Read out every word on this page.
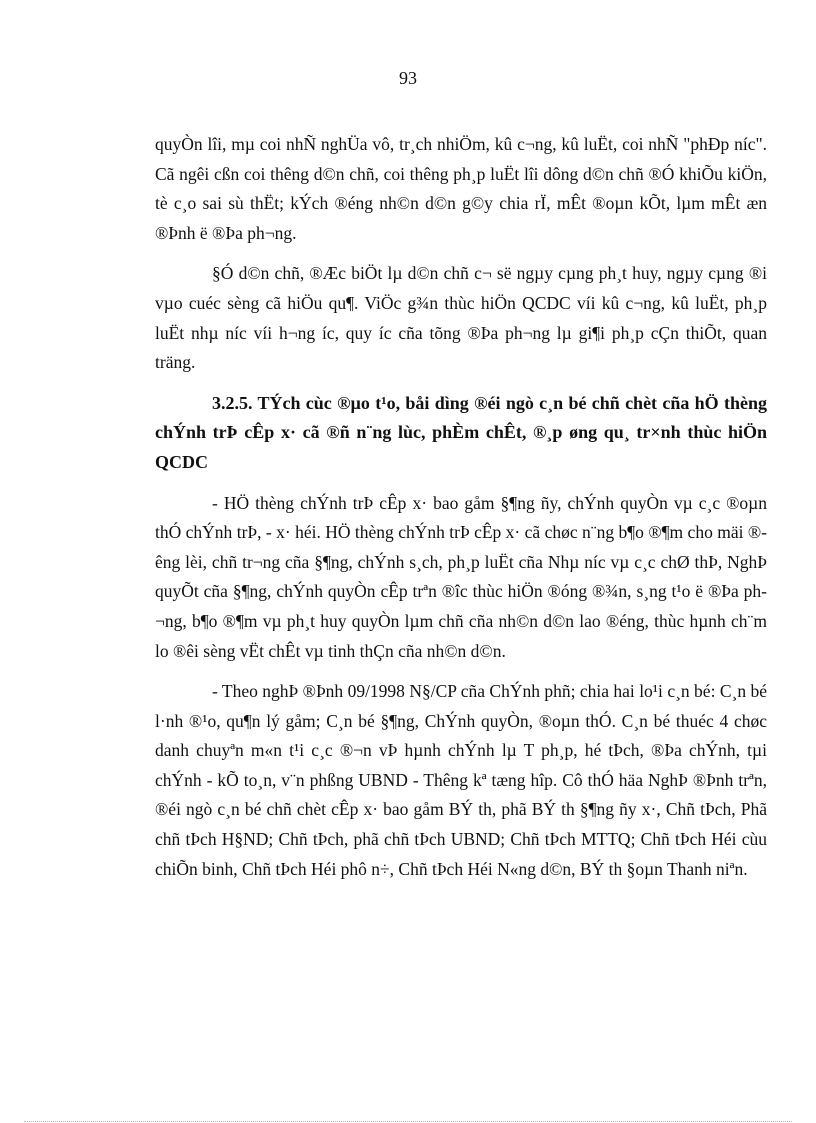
93

quyÒn lîi, mµ coi nhÑ nghÜa vô, tr¸ch nhiÖm, kû c¬ng, kû luËt, coi nhÑ "phÐp níc". Cã ngêi cßn coi thêng d©n chñ, coi thêng ph¸p luËt lîi dông d©n chñ ®Ó khiÕu kiÖn, tè c¸o sai sù thËt; kÝch ®éng nh©n d©n g©y chia rÏ, mÊt ®oµn kÕt, lµm mÊt æn ®Þnh ë ®Þa ph¬ng.

§Ó d©n chñ, ®Æc biÖt lµ d©n chñ c¬ së ngµy cµng ph¸t huy, ngµy cµng ®i vµo cuéc sèng cã hiÖu qu¶. ViÖc g¾n thùc hiÖn QCDC víi kû c¬ng, kû luËt, ph¸p luËt nhµ níc víi h¬ng íc, quy íc cña tõng ®Þa ph¬ng lµ gi¶i ph¸p cÇn thiÕt, quan träng.

3.2.5. TÝch cùc ®µo t¹o, båi dìng ®éi ngò c¸n bé chñ chèt cña hÖ thèng chÝnh trÞ cÊp x· cã ®ñ n¨ng lùc, phÈm chÊt, ®¸p øng qu¸ tr×nh thùc hiÖn QCDC

- HÖ thèng chÝnh trÞ cÊp x· bao gåm §¶ng ñy, chÝnh quyÒn vµ c¸c ®oµn thÓ chÝnh trÞ, - x· héi. HÖ thèng chÝnh trÞ cÊp x· cã chøc n¨ng b¶o ®¶m cho mäi ®êng lèi, chñ tr¬ng cña §¶ng, chÝnh s¸ch, ph¸p luËt cña Nhµ níc vµ c¸c chØ thÞ, NghÞ quyÕt cña §¶ng, chÝnh quyÒn cÊp trªn ®îc thùc hiÖn ®óng ®¾n, s¸ng t¹o ë ®Þa ph¬ng, b¶o ®¶m vµ ph¸t huy quyÒn lµm chñ cña nh©n d©n lao ®éng, thùc hµnh ch¨m lo ®êi sèng vËt chÊt vµ tinh thÇn cña nh©n d©n.

- Theo nghÞ ®Þnh 09/1998 N§/CP cña ChÝnh phñ; chia hai lo¹i c¸n bé: C¸n bé l·nh ®¹o, qu¶n lý gåm; C¸n bé §¶ng, ChÝnh quyÒn, ®oµn thÓ. C¸n bé thuéc 4 chøc danh chuyªn m«n t¹i c¸c ®¬n vÞ hµnh chÝnh lµ T ph¸p, hé tÞch, ®Þa chÝnh, tµi chÝnh - kÕ to¸n, v¨n phßng UBND - Thêng kª tæng hîp. Cô thÓ häa NghÞ ®Þnh trªn, ®éi ngò c¸n bé chñ chèt cÊp x· bao gåm BÝ th, phã BÝ th §¶ng ñy x·, Chñ tÞch, Phã chñ tÞch H§ND; Chñ tÞch, phã chñ tÞch UBND; Chñ tÞch MTTQ; Chñ tÞch Héi cùu chiÕn binh, Chñ tÞch Héi phô n÷, Chñ tÞch Héi N«ng d©n, BÝ th §oµn Thanh niªn.
